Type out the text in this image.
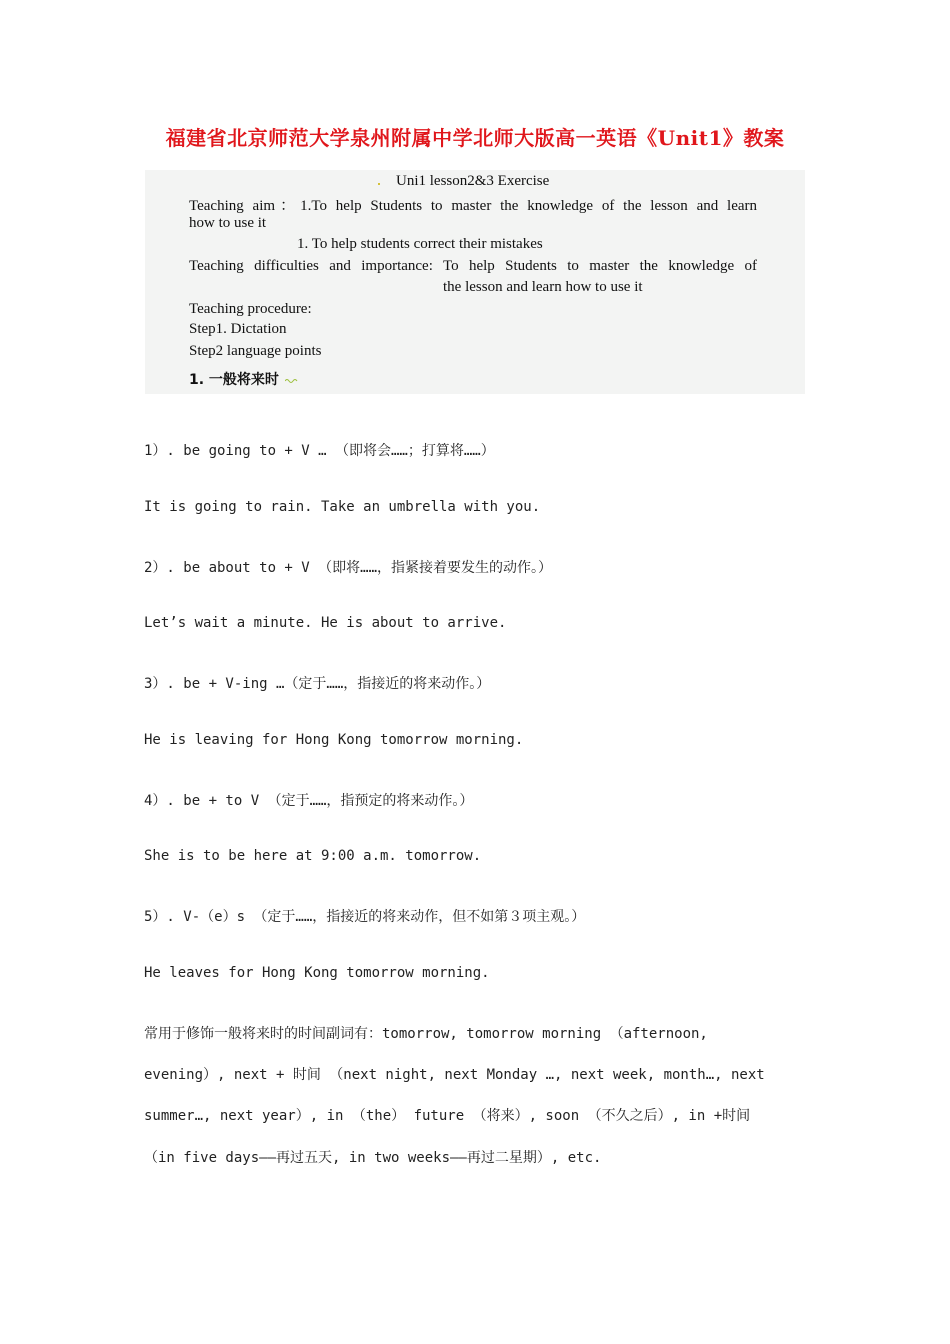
福建省北京师范大学泉州附属中学北师大版高一英语《Unit1》教案
Uni1 lesson2&3 Exercise
Teaching aim：1.To help Students to master the knowledge of the lesson and learn
how to use it
1. To help students correct their mistakes
Teaching difficulties and importance: To help Students to master the knowledge of
the lesson and learn how to use it
Teaching procedure:
Step1. Dictation
Step2 language points
1. 一般将来时
1）. be going to + V … （即将会……；打算将……）
It is going to rain. Take an umbrella with you.
2）. be about to + V （即将……，指紧接着要发生的动作。）
Let’s wait a minute. He is about to arrive.
3）. be + V-ing …（定于……，指接近的将来动作。）
He is leaving for Hong Kong tomorrow morning.
4）. be + to V （定于……，指预定的将来动作。）
She is to be here at 9:00 a.m. tomorrow.
5）. V-（e）s （定于……，指接近的将来动作，但不如第３项主观。）
He leaves for Hong Kong tomorrow morning.
常用于修饰一般将来时的时间副词有：tomorrow, tomorrow morning （afternoon,
evening）, next + 时间 （next night, next Monday …, next week, month…, next
summer…, next year）, in （the） future （将来）, soon （不久之后）, in +时间
（in five days——再过五天, in two weeks——再过二星期）, etc.
